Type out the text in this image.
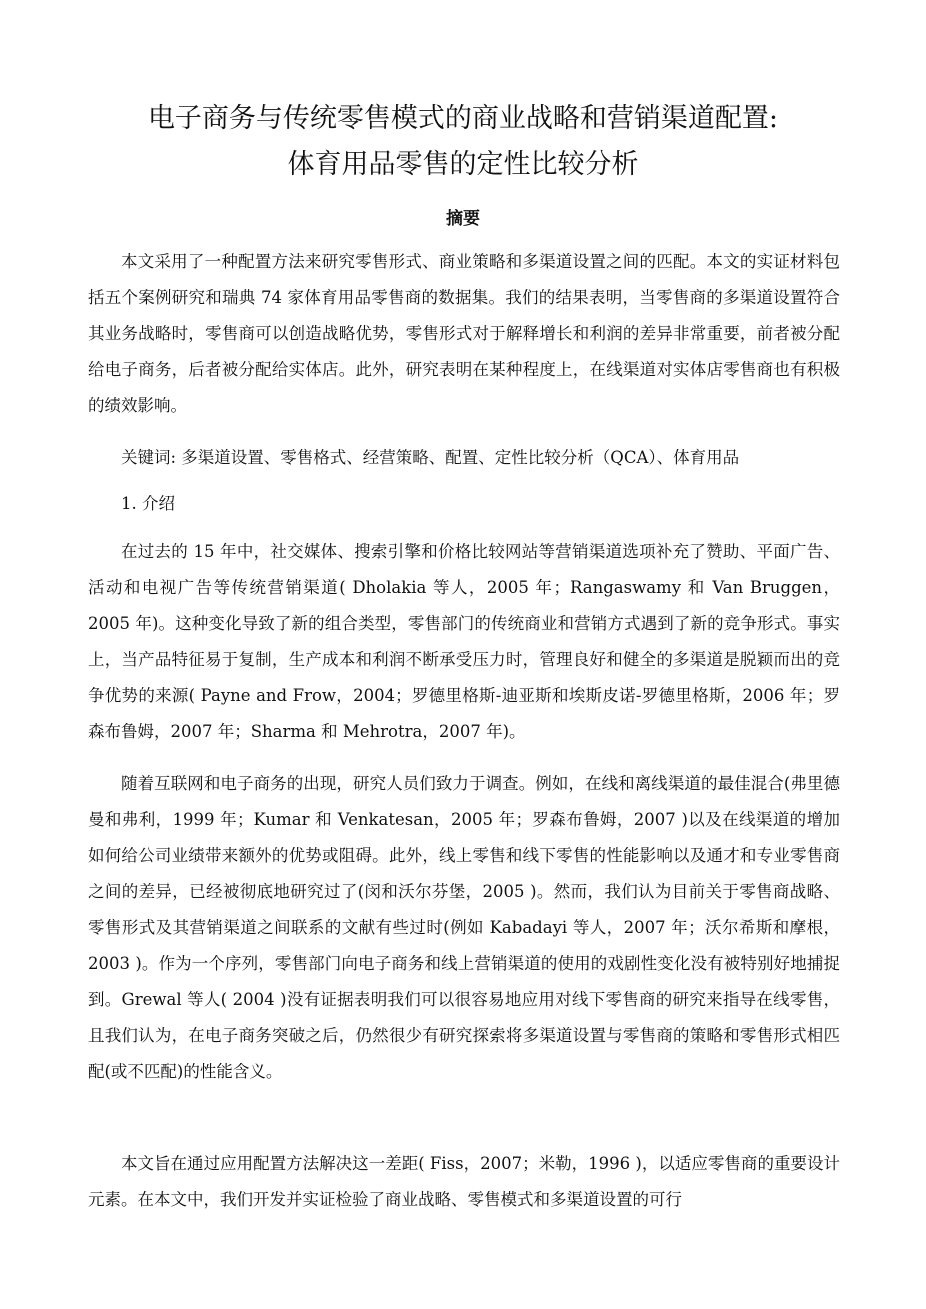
电子商务与传统零售模式的商业战略和营销渠道配置:
体育用品零售的定性比较分析
摘要

本文采用了一种配置方法来研究零售形式、商业策略和多渠道设置之间的匹配。本文的实证材料包括五个案例研究和瑞典 74 家体育用品零售商的数据集。我们的结果表明，当零售商的多渠道设置符合其业务战略时，零售商可以创造战略优势，零售形式对于解释增长和利润的差异非常重要，前者被分配给电子商务，后者被分配给实体店。此外，研究表明在某种程度上，在线渠道对实体店零售商也有积极的绩效影响。

关键词: 多渠道设置、零售格式、经营策略、配置、定性比较分析（QCA）、体育用品

1. 介绍

在过去的 15 年中，社交媒体、搜索引擎和价格比较网站等营销渠道选项补充了赞助、平面广告、活动和电视广告等传统营销渠道( Dholakia 等人，2005 年；Rangaswamy 和 Van Bruggen，2005 年)。这种变化导致了新的组合类型，零售部门的传统商业和营销方式遇到了新的竞争形式。事实上，当产品特征易于复制，生产成本和利润不断承受压力时，管理良好和健全的多渠道是脱颖而出的竞争优势的来源( Payne and Frow，2004；罗德里格斯-迪亚斯和埃斯皮诺-罗德里格斯，2006 年；罗森布鲁姆，2007 年；Sharma 和 Mehrotra，2007 年)。

随着互联网和电子商务的出现，研究人员们致力于调查。例如，在线和离线渠道的最佳混合(弗里德曼和弗利，1999 年；Kumar 和 Venkatesan，2005 年；罗森布鲁姆，2007 )以及在线渠道的增加如何给公司业绩带来额外的优势或阻碍。此外，线上零售和线下零售的性能影响以及通才和专业零售商之间的差异，已经被彻底地研究过了(闵和沃尔芬堡，2005 )。然而，我们认为目前关于零售商战略、零售形式及其营销渠道之间联系的文献有些过时(例如 Kabadayi 等人，2007 年；沃尔希斯和摩根，2003 )。作为一个序列，零售部门向电子商务和线上营销渠道的使用的戏剧性变化没有被特别好地捕捉到。Grewal 等人( 2004 )没有证据表明我们可以很容易地应用对线下零售商的研究来指导在线零售，且我们认为，在电子商务突破之后，仍然很少有研究探索将多渠道设置与零售商的策略和零售形式相匹配(或不匹配)的性能含义。

本文旨在通过应用配置方法解决这一差距( Fiss，2007；米勒，1996 )，以适应零售商的重要设计元素。在本文中，我们开发并实证检验了商业战略、零售模式和多渠道设置的可行
